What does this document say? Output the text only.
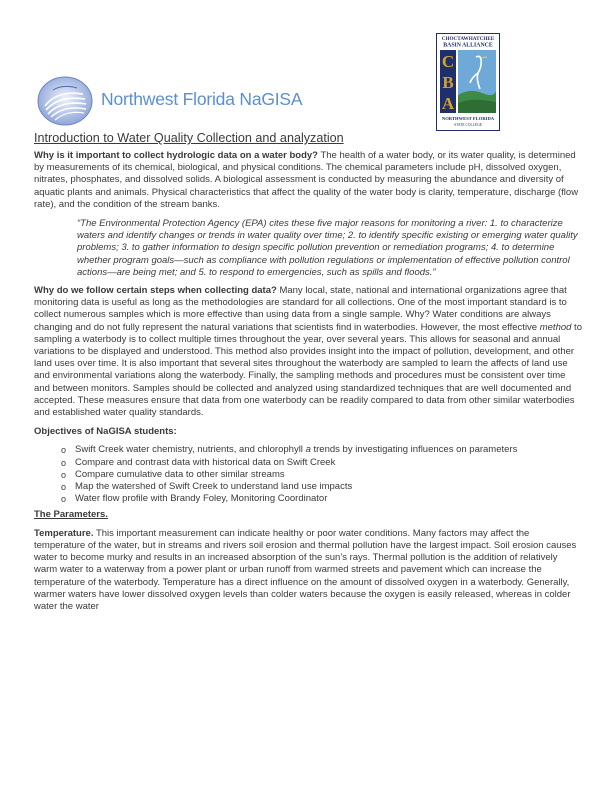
Northwest Florida NaGISA
CHOCTAWHATCHEE
BASIN ALLIANCE
C
B
A
NORTHWEST FLORIDA
STATE COLLEGE
Introduction to Water Quality Collection and analyzation

Why is it important to collect hydrologic data on a water body? The health of a water body, or its water quality, is determined by measurements of its chemical, biological, and physical conditions. The chemical parameters include pH, dissolved oxygen, nitrates, phosphates, and dissolved solids. A biological assessment is conducted by measuring the abundance and diversity of aquatic plants and animals. Physical characteristics that affect the quality of the water body is clarity, temperature, discharge (flow rate), and the condition of the stream banks.

“The Environmental Protection Agency (EPA) cites these five major reasons for monitoring a river: 1. to characterize waters and identify changes or trends in water quality over time; 2. to identify specific existing or emerging water quality problems; 3. to gather information to design specific pollution prevention or remediation programs; 4. to determine whether program goals—such as compliance with pollution regulations or implementation of effective pollution control actions—are being met; and 5. to respond to emergencies, such as spills and floods.”

Why do we follow certain steps when collecting data? Many local, state, national and international organizations agree that monitoring data is useful as long as the methodologies are standard for all collections. One of the most important standard is to collect numerous samples which is more effective than using data from a single sample. Why? Water conditions are always changing and do not fully represent the natural variations that scientists find in waterbodies. However, the most effective method to sampling a waterbody is to collect multiple times throughout the year, over several years. This allows for seasonal and annual variations to be displayed and understood. This method also provides insight into the impact of pollution, development, and other land uses over time. It is also important that several sites throughout the waterbody are sampled to learn the affects of land use and environmental variations along the waterbody. Finally, the sampling methods and procedures must be consistent over time and between monitors. Samples should be collected and analyzed using standardized techniques that are well documented and accepted. These measures ensure that data from one waterbody can be readily compared to data from other similar waterbodies and established water quality standards.

Objectives of NaGISA students:
o Swift Creek water chemistry, nutrients, and chlorophyll a trends by investigating influences on parameters
o Compare and contrast data with historical data on Swift Creek
o Compare cumulative data to other similar streams
o Map the watershed of Swift Creek to understand land use impacts
o Water flow profile with Brandy Foley, Monitoring Coordinator
The Parameters.

Temperature. This important measurement can indicate healthy or poor water conditions. Many factors may affect the temperature of the water, but in streams and rivers soil erosion and thermal pollution have the largest impact. Soil erosion causes water to become murky and results in an increased absorption of the sun’s rays. Thermal pollution is the addition of relatively warm water to a waterway from a power plant or urban runoff from warmed streets and pavement which can increase the temperature of the waterbody. Temperature has a direct influence on the amount of dissolved oxygen in a waterbody. Generally, warmer waters have lower dissolved oxygen levels than colder waters because the oxygen is easily released, whereas in colder water the water
